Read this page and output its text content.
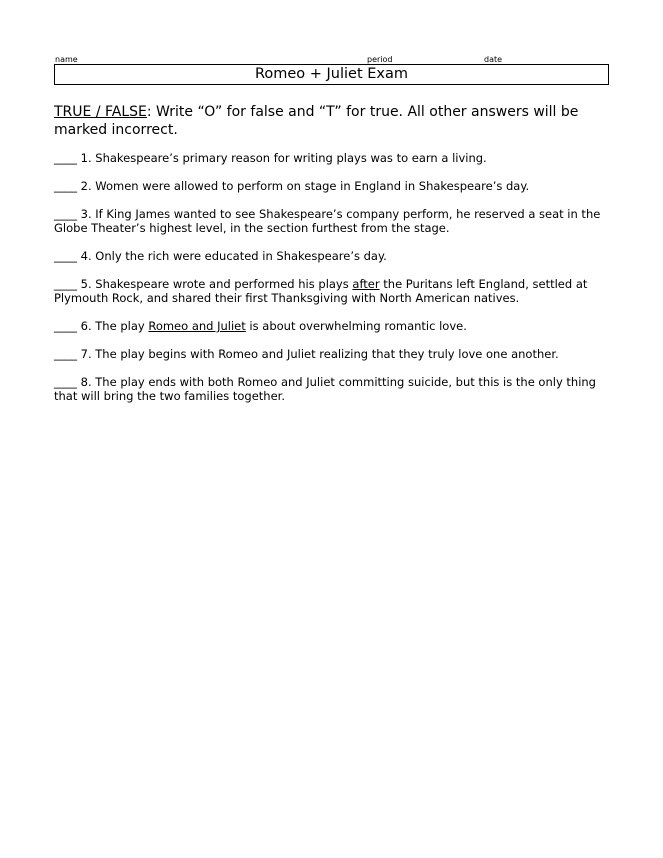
name	period	date
Romeo + Juliet Exam
TRUE / FALSE: Write “O” for false and “T” for true. All other answers will be marked incorrect.
____ 1. Shakespeare’s primary reason for writing plays was to earn a living.
____ 2. Women were allowed to perform on stage in England in Shakespeare’s day.
____ 3. If King James wanted to see Shakespeare’s company perform, he reserved a seat in the Globe Theater’s highest level, in the section furthest from the stage.
____ 4. Only the rich were educated in Shakespeare’s day.
____ 5. Shakespeare wrote and performed his plays after the Puritans left England, settled at Plymouth Rock, and shared their first Thanksgiving with North American natives.
____ 6. The play Romeo and Juliet is about overwhelming romantic love.
____ 7. The play begins with Romeo and Juliet realizing that they truly love one another.
____ 8. The play ends with both Romeo and Juliet committing suicide, but this is the only thing that will bring the two families together.
